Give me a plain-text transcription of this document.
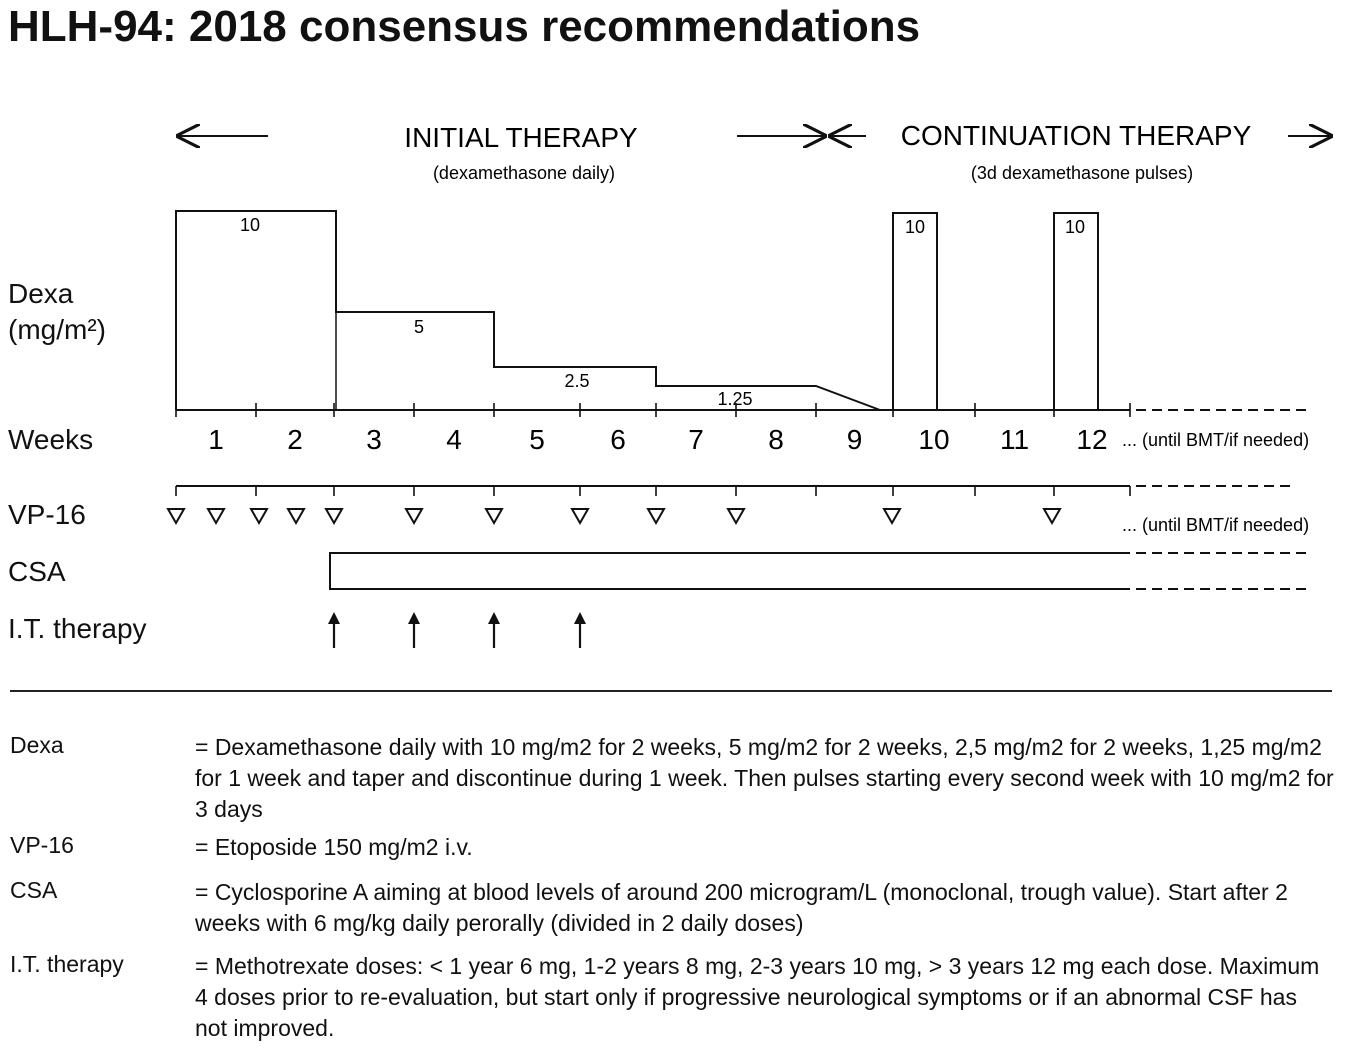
HLH-94: 2018 consensus recommendations
INITIAL THERAPY
(dexamethasone daily)
CONTINUATION THERAPY
(3d dexamethasone pulses)
10
5
2.5
1.25
10	10
1 2 3 4 5 6 7 8 9 10 11 12 ... (until BMT/if needed)
... (until BMT/if needed)
Dexa
(mg/m²)
Weeks
VP-16
CSA
I.T. therapy
Dexa	= Dexamethasone daily with 10 mg/m2 for 2 weeks, 5 mg/m2 for 2 weeks, 2,5 mg/m2 for 2 weeks, 1,25 mg/m2 for 1 week and taper and discontinue during 1 week. Then pulses starting every second week with 10 mg/m2 for 3 days
VP-16	= Etoposide 150 mg/m2 i.v.
CSA	= Cyclosporine A aiming at blood levels of around 200 microgram/L (monoclonal, trough value). Start after 2 weeks with 6 mg/kg daily perorally (divided in 2 daily doses)
I.T. therapy	= Methotrexate doses: < 1 year 6 mg, 1-2 years 8 mg, 2-3 years 10 mg, > 3 years 12 mg each dose. Maximum 4 doses prior to re-evaluation, but start only if progressive neurological symptoms or if an abnormal CSF has not improved.
